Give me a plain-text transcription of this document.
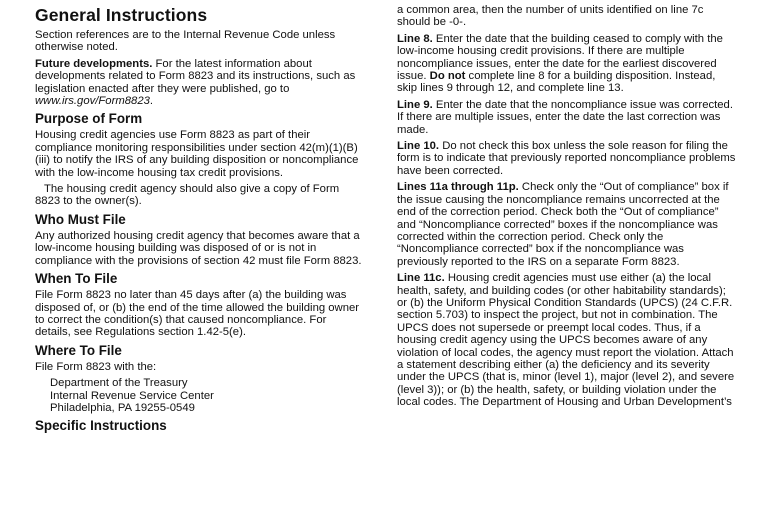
General Instructions

Section references are to the Internal Revenue Code unless otherwise noted.

Future developments. For the latest information about developments related to Form 8823 and its instructions, such as legislation enacted after they were published, go to www.irs.gov/Form8823.

Purpose of Form

Housing credit agencies use Form 8823 as part of their compliance monitoring responsibilities under section 42(m)(1)(B)(iii) to notify the IRS of any building disposition or noncompliance with the low-income housing tax credit provisions.

The housing credit agency should also give a copy of Form 8823 to the owner(s).

Who Must File

Any authorized housing credit agency that becomes aware that a low-income housing building was disposed of or is not in compliance with the provisions of section 42 must file Form 8823.

When To File

File Form 8823 no later than 45 days after (a) the building was disposed of, or (b) the end of the time allowed the building owner to correct the condition(s) that caused noncompliance. For details, see Regulations section 1.42-5(e).

Where To File

File Form 8823 with the:

Department of the Treasury
Internal Revenue Service Center
Philadelphia, PA 19255-0549

Specific Instructions

a common area, then the number of units identified on line 7c should be -0-.

Line 8. Enter the date that the building ceased to comply with the low-income housing credit provisions. If there are multiple noncompliance issues, enter the date for the earliest discovered issue. Do not complete line 8 for a building disposition. Instead, skip lines 9 through 12, and complete line 13.

Line 9. Enter the date that the noncompliance issue was corrected. If there are multiple issues, enter the date the last correction was made.

Line 10. Do not check this box unless the sole reason for filing the form is to indicate that previously reported noncompliance problems have been corrected.

Lines 11a through 11p. Check only the “Out of compliance” box if the issue causing the noncompliance remains uncorrected at the end of the correction period. Check both the “Out of compliance” and “Noncompliance corrected” boxes if the noncompliance was corrected within the correction period. Check only the “Noncompliance corrected” box if the noncompliance was previously reported to the IRS on a separate Form 8823.

Line 11c. Housing credit agencies must use either (a) the local health, safety, and building codes (or other habitability standards); or (b) the Uniform Physical Condition Standards (UPCS) (24 C.F.R. section 5.703) to inspect the project, but not in combination. The UPCS does not supersede or preempt local codes. Thus, if a housing credit agency using the UPCS becomes aware of any violation of local codes, the agency must report the violation. Attach a statement describing either (a) the deficiency and its severity under the UPCS (that is, minor (level 1), major (level 2), and severe (level 3)); or (b) the health, safety, or building violation under the local codes. The Department of Housing and Urban Development’s
